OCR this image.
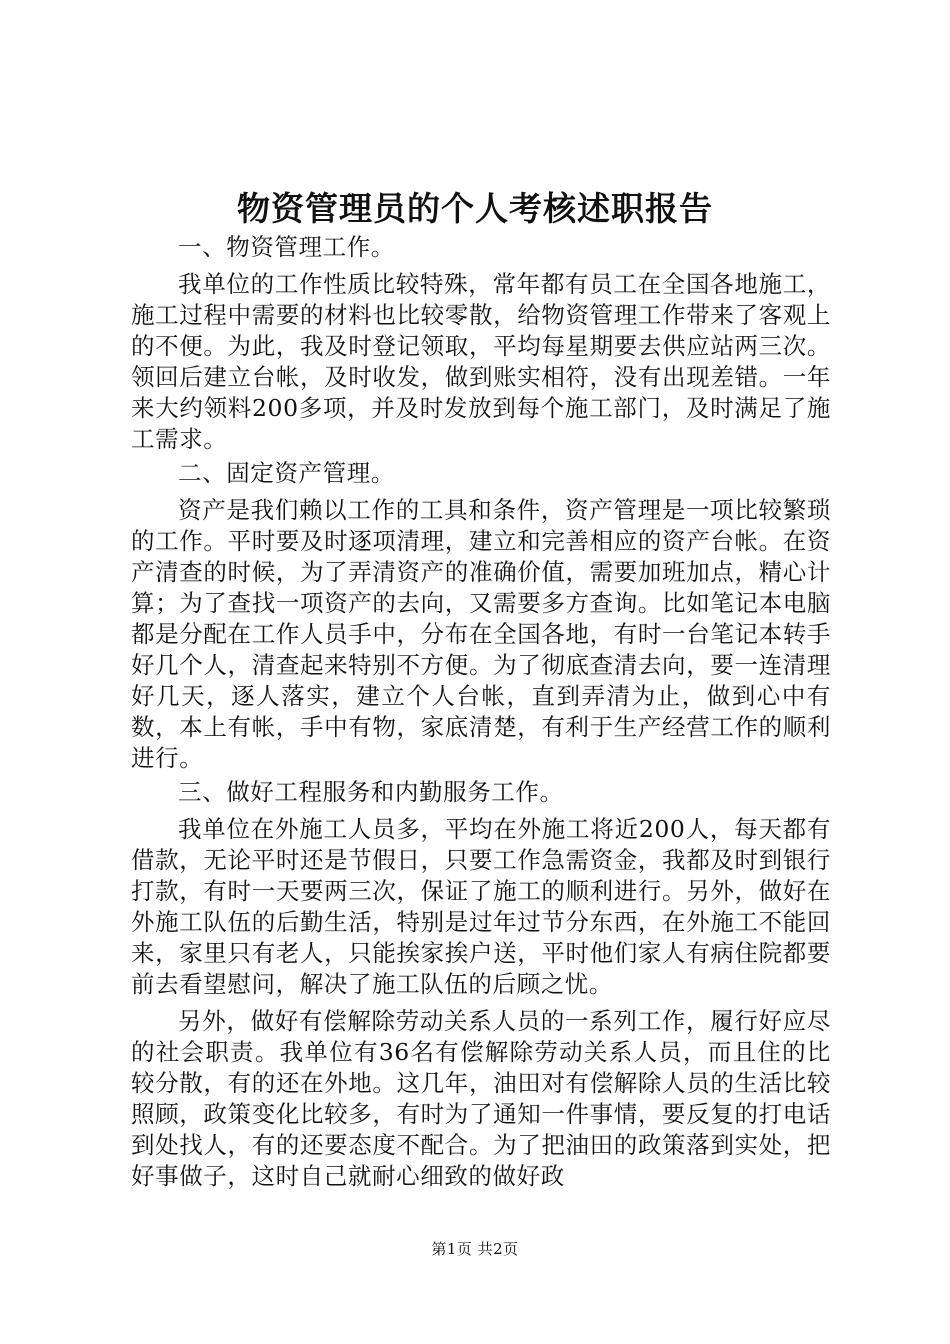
物资管理员的个人考核述职报告

一、物资管理工作。

我单位的工作性质比较特殊，常年都有员工在全国各地施工，施工过程中需要的材料也比较零散，给物资管理工作带来了客观上的不便。为此，我及时登记领取，平均每星期要去供应站两三次。领回后建立台帐，及时收发，做到账实相符，没有出现差错。一年来大约领料200多项，并及时发放到每个施工部门，及时满足了施工需求。

二、固定资产管理。

资产是我们赖以工作的工具和条件，资产管理是一项比较繁琐的工作。平时要及时逐项清理，建立和完善相应的资产台帐。在资产清查的时候，为了弄清资产的准确价值，需要加班加点，精心计算；为了查找一项资产的去向，又需要多方查询。比如笔记本电脑都是分配在工作人员手中，分布在全国各地，有时一台笔记本转手好几个人，清查起来特别不方便。为了彻底查清去向，要一连清理好几天，逐人落实，建立个人台帐，直到弄清为止，做到心中有数，本上有帐，手中有物，家底清楚，有利于生产经营工作的顺利进行。

三、做好工程服务和内勤服务工作。

我单位在外施工人员多，平均在外施工将近200人，每天都有借款，无论平时还是节假日，只要工作急需资金，我都及时到银行打款，有时一天要两三次，保证了施工的顺利进行。另外，做好在外施工队伍的后勤生活，特别是过年过节分东西，在外施工不能回来，家里只有老人，只能挨家挨户送，平时他们家人有病住院都要前去看望慰问，解决了施工队伍的后顾之忧。

另外，做好有偿解除劳动关系人员的一系列工作，履行好应尽的社会职责。我单位有36名有偿解除劳动关系人员，而且住的比较分散，有的还在外地。这几年，油田对有偿解除人员的生活比较照顾，政策变化比较多，有时为了通知一件事情，要反复的打电话到处找人，有的还要态度不配合。为了把油田的政策落到实处，把好事做子，这时自己就耐心细致的做好政

第1页 共2页
